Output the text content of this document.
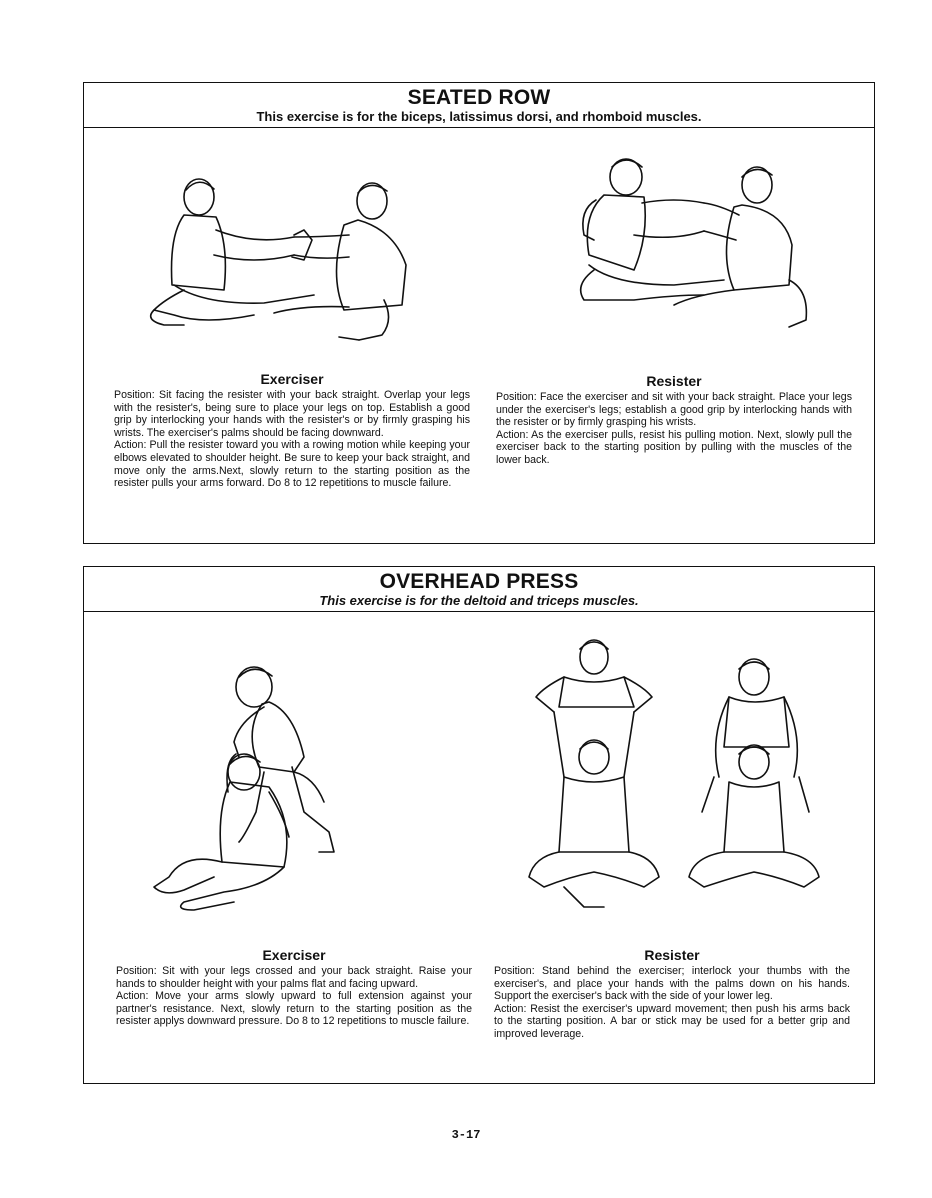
SEATED ROW
This exercise is for the biceps, latissimus dorsi, and rhomboid muscles.
Exerciser

Position: Sit facing the resister with your back straight. Overlap your legs with the resister's, being sure to place your legs on top. Establish a good grip by interlocking your hands with the resister's or by firmly grasping his wrists. The exerciser's palms should be facing downward.

Action: Pull the resister toward you with a rowing motion while keeping your elbows elevated to shoulder height. Be sure to keep your back straight, and move only the arms.Next, slowly return to the starting position as the resister pulls your arms forward. Do 8 to 12 repetitions to muscle failure.

Resister

Position: Face the exerciser and sit with your back straight. Place your legs under the exerciser's legs; establish a good grip by interlocking hands with the resister or by firmly grasping his wrists.

Action: As the exerciser pulls, resist his pulling motion. Next, slowly pull the exerciser back to the starting position by pulling with the muscles of the lower back.

OVERHEAD PRESS
This exercise is for the deltoid and triceps muscles.
Exerciser

Position: Sit with your legs crossed and your back straight. Raise your hands to shoulder height with your palms flat and facing upward.

Action: Move your arms slowly upward to full extension against your partner's resistance. Next, slowly return to the starting position as the resister applys downward pressure. Do 8 to 12 repetitions to muscle failure.

Resister

Position: Stand behind the exerciser; interlock your thumbs with the exerciser's, and place your hands with the palms down on his hands. Support the exerciser's back with the side of your lower leg.

Action: Resist the exerciser's upward movement; then push his arms back to the starting position. A bar or stick may be used for a better grip and improved leverage.

3-17
